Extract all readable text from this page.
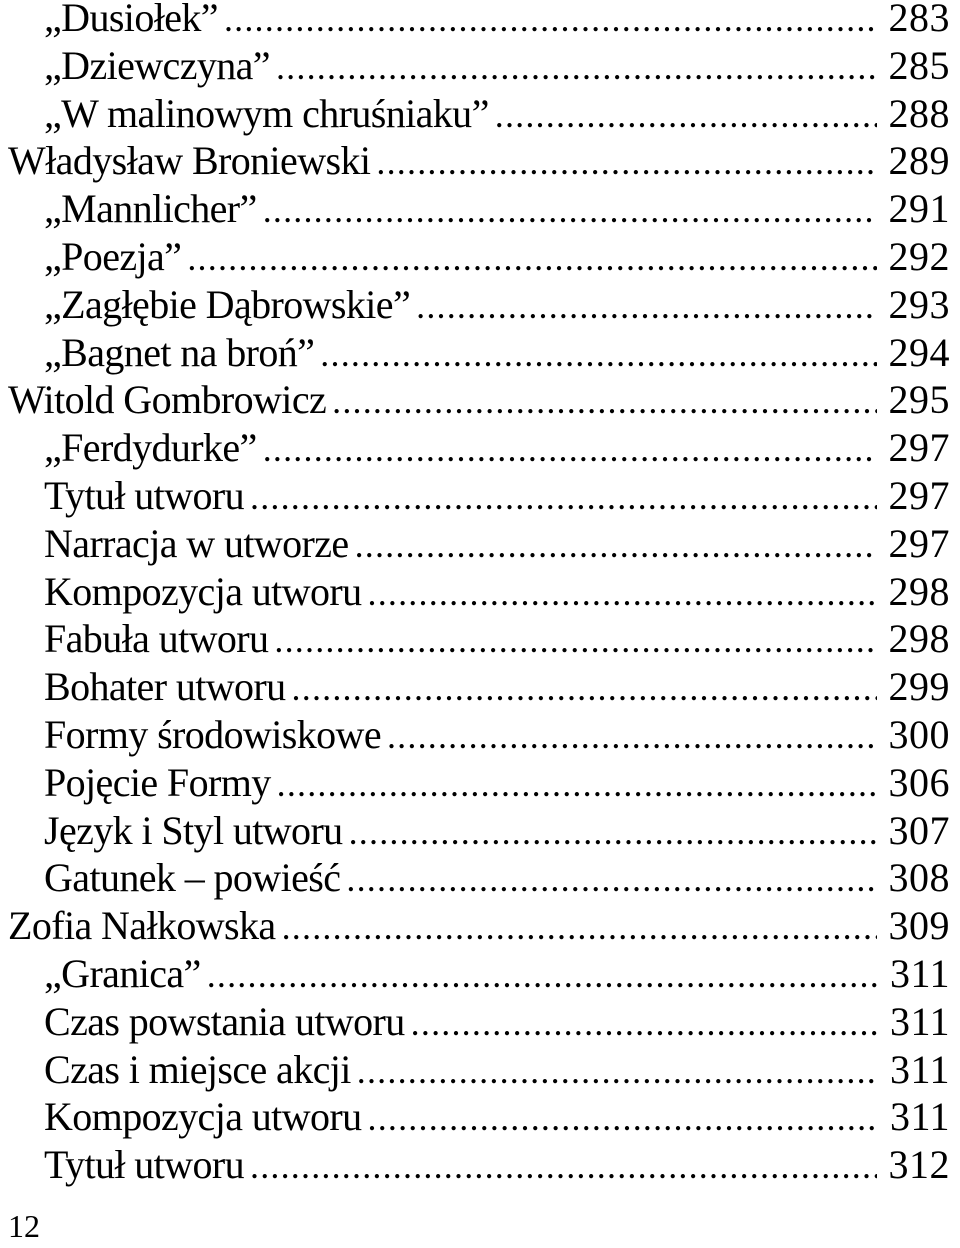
„Dusiołek” .....	283
„Dziewczyna” .....	285
„W malinowym chruśniaku” .....	288
Władysław Broniewski .....	289
„Mannlicher” .....	291
„Poezja” .....	292
„Zagłębie Dąbrowskie” .....	293
„Bagnet na broń” .....	294
Witold Gombrowicz .....	295
„Ferdydurke” .....	297
Tytuł utworu .....	297
Narracja w utworze .....	297
Kompozycja utworu .....	298
Fabuła utworu .....	298
Bohater utworu .....	299
Formy środowiskowe .....	300
Pojęcie Formy .....	306
Język i Styl utworu .....	307
Gatunek – powieść .....	308
Zofia Nałkowska .....	309
„Granica” .....	311
Czas powstania utworu .....	311
Czas i miejsce akcji .....	311
Kompozycja utworu .....	311
Tytuł utworu .....	312
12
